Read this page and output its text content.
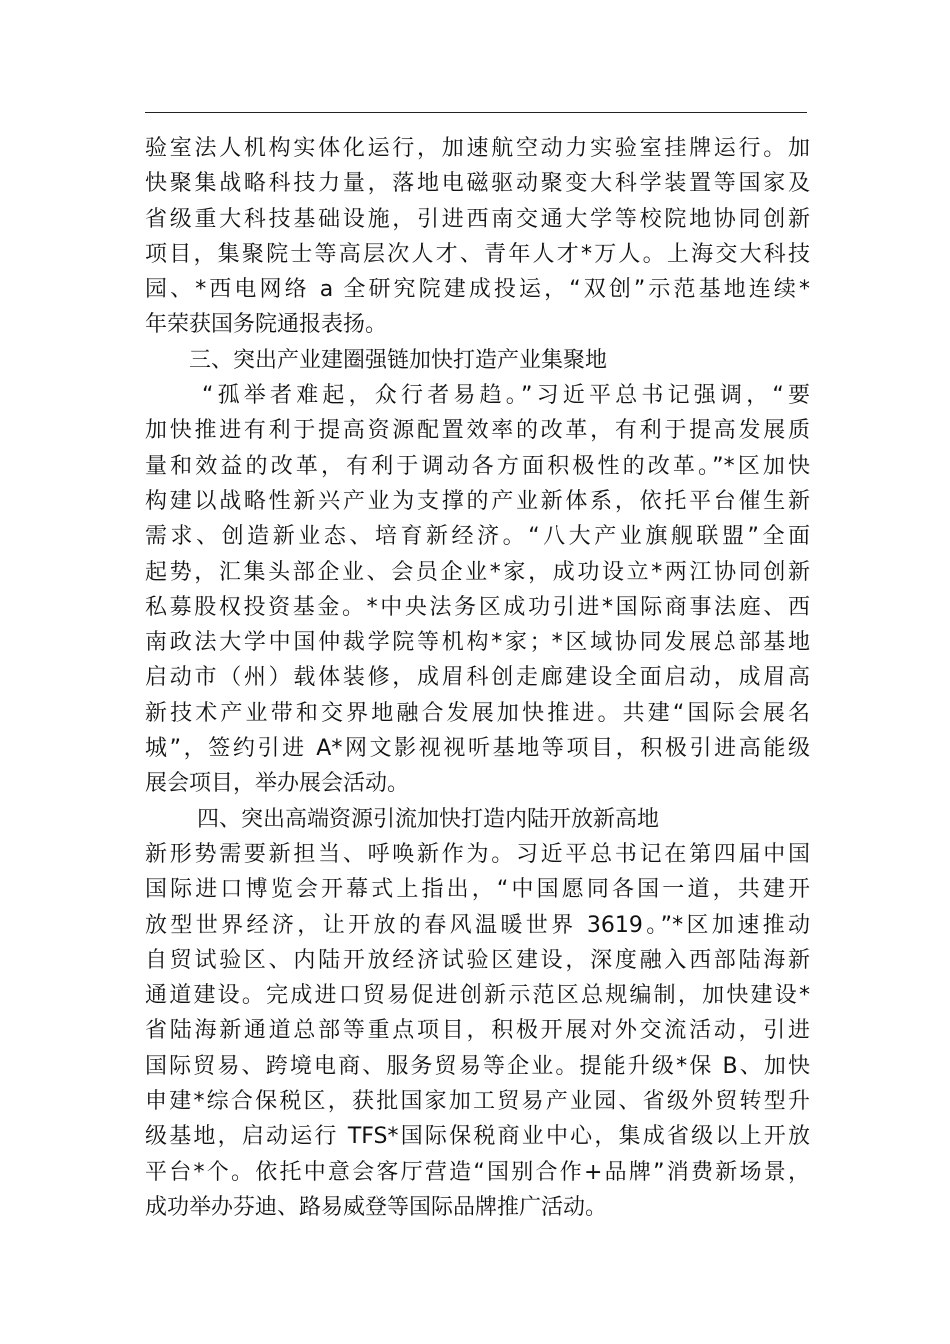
验室法人机构实体化运行，加速航空动力实验室挂牌运行。加
快聚集战略科技力量，落地电磁驱动聚变大科学装置等国家及
省级重大科技基础设施，引进西南交通大学等校院地协同创新
项目，集聚院士等高层次人才、青年人才*万人。上海交大科技
园、*西电网络 a 全研究院建成投运，“双创”示范基地连续*
年荣获国务院通报表扬。
三、突出产业建圈强链加快打造产业集聚地
“孤举者难起，众行者易趋。”习近平总书记强调，“要
加快推进有利于提高资源配置效率的改革，有利于提高发展质
量和效益的改革，有利于调动各方面积极性的改革。”*区加快
构建以战略性新兴产业为支撑的产业新体系，依托平台催生新
需求、创造新业态、培育新经济。“八大产业旗舰联盟”全面
起势，汇集头部企业、会员企业*家，成功设立*两江协同创新
私募股权投资基金。*中央法务区成功引进*国际商事法庭、西
南政法大学中国仲裁学院等机构*家；*区域协同发展总部基地
启动市（州）载体装修，成眉科创走廊建设全面启动，成眉高
新技术产业带和交界地融合发展加快推进。共建“国际会展名
城”，签约引进 A*网文影视视听基地等项目，积极引进高能级
展会项目，举办展会活动。
四、突出高端资源引流加快打造内陆开放新高地
新形势需要新担当、呼唤新作为。习近平总书记在第四届中国
国际进口博览会开幕式上指出，“中国愿同各国一道，共建开
放型世界经济，让开放的春风温暖世界 3619。”*区加速推动
自贸试验区、内陆开放经济试验区建设，深度融入西部陆海新
通道建设。完成进口贸易促进创新示范区总规编制，加快建设*
省陆海新通道总部等重点项目，积极开展对外交流活动，引进
国际贸易、跨境电商、服务贸易等企业。提能升级*保 B、加快
申建*综合保税区，获批国家加工贸易产业园、省级外贸转型升
级基地，启动运行 TFS*国际保税商业中心，集成省级以上开放
平台*个。依托中意会客厅营造“国别合作+品牌”消费新场景，
成功举办芬迪、路易威登等国际品牌推广活动。
